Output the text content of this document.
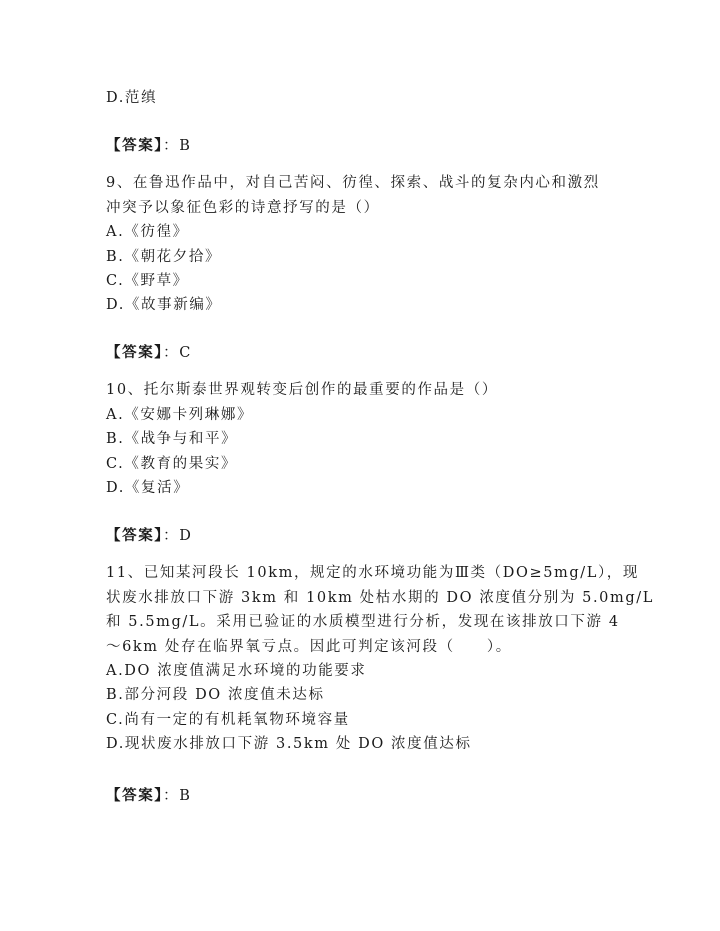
D.范缜
【答案】：B
9、在鲁迅作品中，对自己苦闷、彷徨、探索、战斗的复杂内心和激烈
冲突予以象征色彩的诗意抒写的是（）
A.《彷徨》
B.《朝花夕拾》
C.《野草》
D.《故事新编》
【答案】：C
10、托尔斯泰世界观转变后创作的最重要的作品是（）
A.《安娜卡列琳娜》
B.《战争与和平》
C.《教育的果实》
D.《复活》
【答案】：D
11、已知某河段长 10km，规定的水环境功能为Ⅲ类（DO≥5mg/L），现
状废水排放口下游 3km 和 10km 处枯水期的 DO 浓度值分别为 5.0mg/L
和 5.5mg/L。采用已验证的水质模型进行分析，发现在该排放口下游 4
～6km 处存在临界氧亏点。因此可判定该河段（　　）。
A.DO 浓度值满足水环境的功能要求
B.部分河段 DO 浓度值未达标
C.尚有一定的有机耗氧物环境容量
D.现状废水排放口下游 3.5km 处 DO 浓度值达标
【答案】：B
